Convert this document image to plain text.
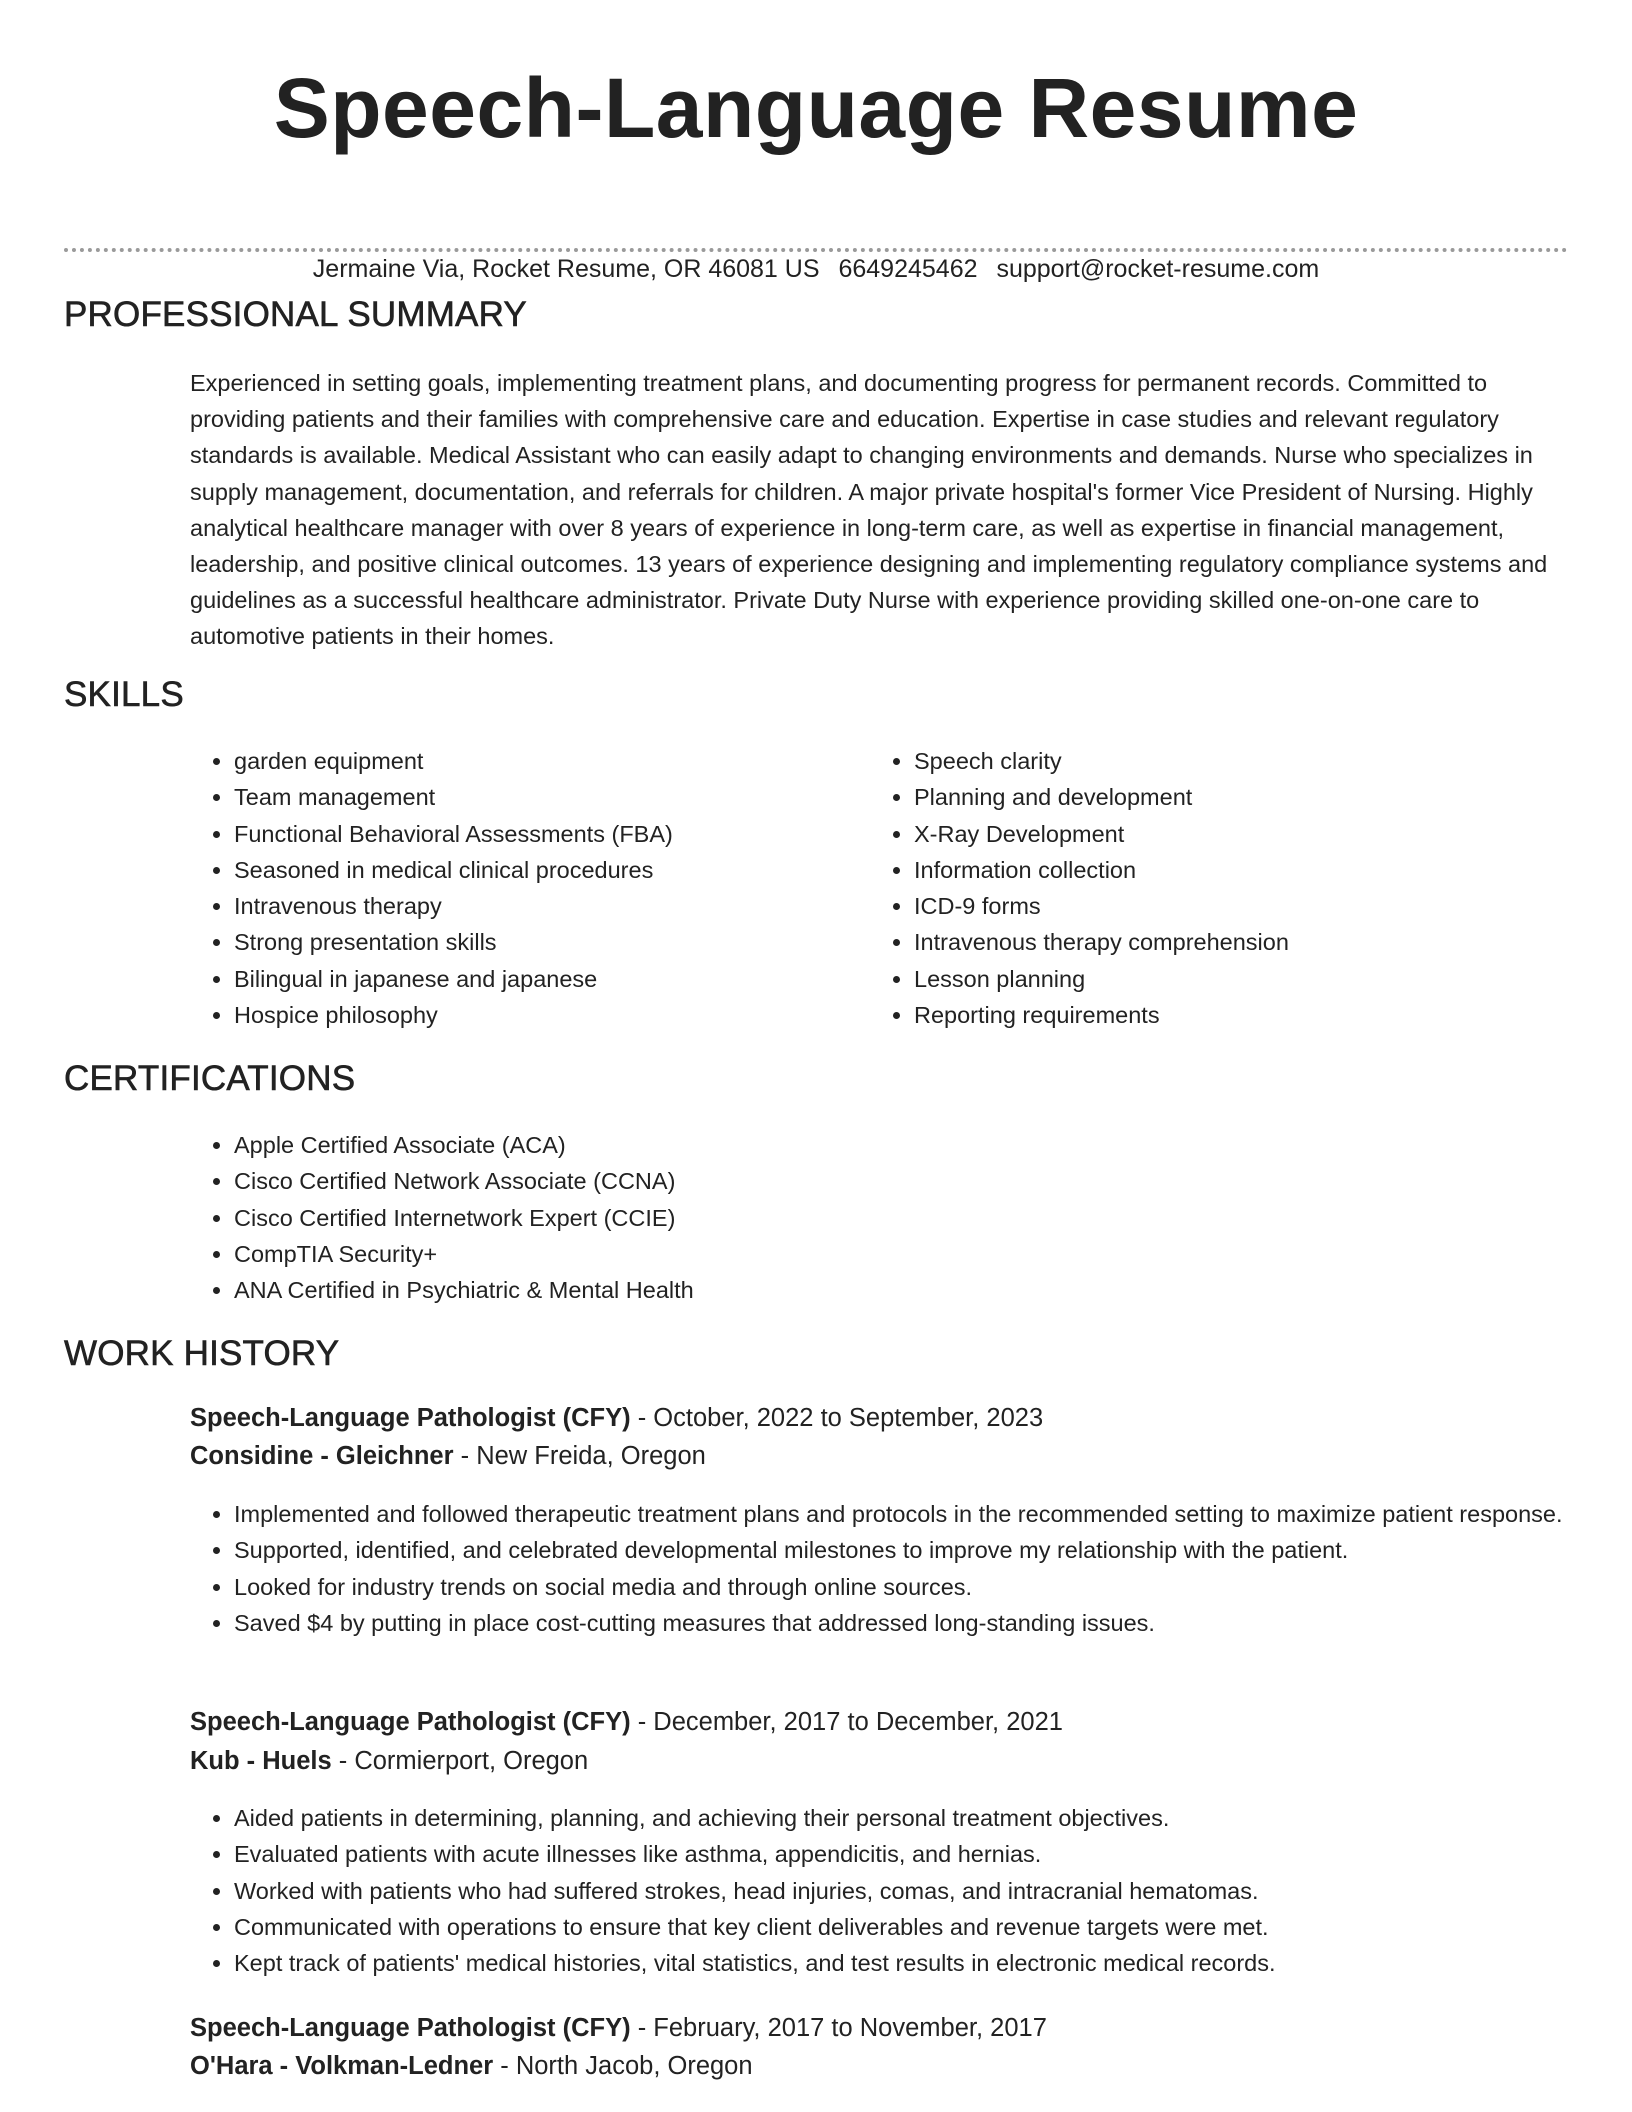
Speech-Language Resume
Jermaine Via, Rocket Resume, OR 46081 US 6649245462 support@rocket-resume.com
PROFESSIONAL SUMMARY

Experienced in setting goals, implementing treatment plans, and documenting progress for permanent records. Committed to providing patients and their families with comprehensive care and education. Expertise in case studies and relevant regulatory standards is available. Medical Assistant who can easily adapt to changing environments and demands. Nurse who specializes in supply management, documentation, and referrals for children. A major private hospital's former Vice President of Nursing. Highly analytical healthcare manager with over 8 years of experience in long-term care, as well as expertise in financial management, leadership, and positive clinical outcomes. 13 years of experience designing and implementing regulatory compliance systems and guidelines as a successful healthcare administrator. Private Duty Nurse with experience providing skilled one-on-one care to automotive patients in their homes.

SKILLS
• garden equipment
• Team management
• Functional Behavioral Assessments (FBA)
• Seasoned in medical clinical procedures
• Intravenous therapy
• Strong presentation skills
• Bilingual in japanese and japanese
• Hospice philosophy
• Speech clarity
• Planning and development
• X-Ray Development
• Information collection
• ICD-9 forms
• Intravenous therapy comprehension
• Lesson planning
• Reporting requirements
CERTIFICATIONS
• Apple Certified Associate (ACA)
• Cisco Certified Network Associate (CCNA)
• Cisco Certified Internetwork Expert (CCIE)
• CompTIA Security+
• ANA Certified in Psychiatric & Mental Health
WORK HISTORY
Speech-Language Pathologist (CFY) - October, 2022 to September, 2023
Considine - Gleichner - New Freida, Oregon
• Implemented and followed therapeutic treatment plans and protocols in the recommended setting to maximize patient response.
• Supported, identified, and celebrated developmental milestones to improve my relationship with the patient.
• Looked for industry trends on social media and through online sources.
• Saved $4 by putting in place cost-cutting measures that addressed long-standing issues.
Speech-Language Pathologist (CFY) - December, 2017 to December, 2021
Kub - Huels - Cormierport, Oregon
• Aided patients in determining, planning, and achieving their personal treatment objectives.
• Evaluated patients with acute illnesses like asthma, appendicitis, and hernias.
• Worked with patients who had suffered strokes, head injuries, comas, and intracranial hematomas.
• Communicated with operations to ensure that key client deliverables and revenue targets were met.
• Kept track of patients' medical histories, vital statistics, and test results in electronic medical records.
Speech-Language Pathologist (CFY) - February, 2017 to November, 2017
O'Hara - Volkman-Ledner - North Jacob, Oregon
